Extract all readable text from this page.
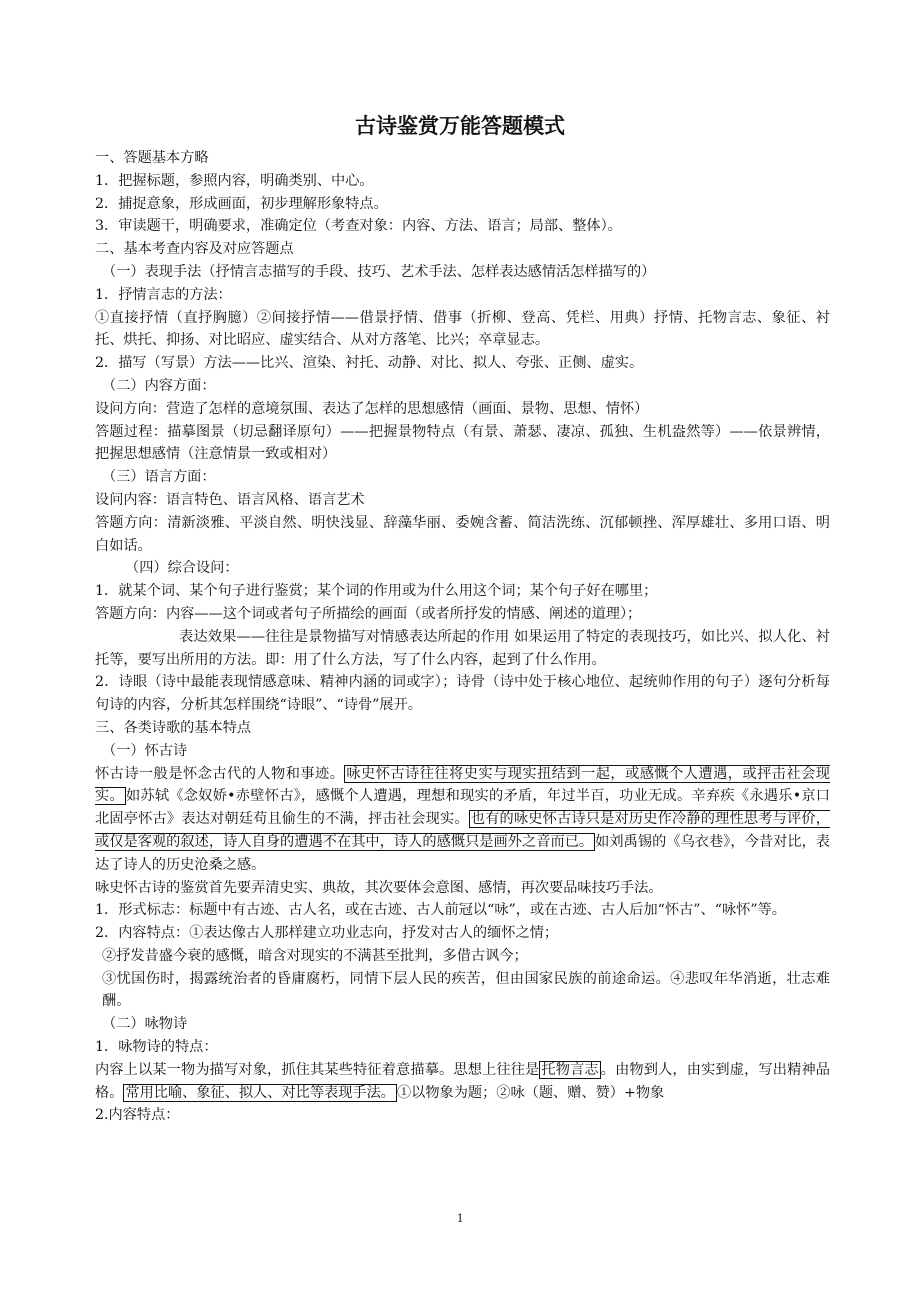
古诗鉴赏万能答题模式

一、答题基本方略

1．把握标题，参照内容，明确类别、中心。

2．捕捉意象，形成画面，初步理解形象特点。

3．审读题干，明确要求，准确定位（考查对象：内容、方法、语言；局部、整体）。

二、基本考查内容及对应答题点

（一）表现手法（抒情言志描写的手段、技巧、艺术手法、怎样表达感情活怎样描写的）

1．抒情言志的方法：

①直接抒情（直抒胸臆）②间接抒情——借景抒情、借事（折柳、登高、凭栏、用典）抒情、托物言志、象征、衬托、烘托、抑扬、对比昭应、虚实结合、从对方落笔、比兴；卒章显志。

2．描写（写景）方法——比兴、渲染、衬托、动静、对比、拟人、夸张、正侧、虚实。

（二）内容方面：

设问方向：营造了怎样的意境氛围、表达了怎样的思想感情（画面、景物、思想、情怀）

答题过程：描摹图景（切忌翻译原句）——把握景物特点（有景、萧瑟、凄凉、孤独、生机盎然等）——依景辨情，把握思想感情（注意情景一致或相对）

（三）语言方面：

设问内容：语言特色、语言风格、语言艺术

答题方向：清新淡雅、平淡自然、明快浅显、辞藻华丽、委婉含蓄、简洁洗练、沉郁顿挫、浑厚雄壮、多用口语、明白如话。

（四）综合设问：

1．就某个词、某个句子进行鉴赏；某个词的作用或为什么用这个词；某个句子好在哪里；

答题方向：内容——这个词或者句子所描绘的画面（或者所抒发的情感、阐述的道理）；

表达效果——往往是景物描写对情感表达所起的作用 如果运用了特定的表现技巧，如比兴、拟人化、衬托等，要写出所用的方法。即：用了什么方法，写了什么内容，起到了什么作用。

2．诗眼（诗中最能表现情感意味、精神内涵的词或字）；诗骨（诗中处于核心地位、起统帅作用的句子）逐句分析每句诗的内容，分析其怎样围绕“诗眼”、“诗骨”展开。

三、各类诗歌的基本特点

（一）怀古诗

怀古诗一般是怀念古代的人物和事迹。 咏史怀古诗往往将史实与现实扭结到一起，或感慨个人遭遇，或抨击社会现实。 如苏轼《念奴娇•赤壁怀古》，感慨个人遭遇，理想和现实的矛盾，年过半百，功业无成。辛弃疾《永遇乐•京口北固亭怀古》表达对朝廷苟且偷生的不满，抨击社会现实。 也有的咏史怀古诗只是对历史作冷静的理性思考与评价，或仅是客观的叙述，诗人自身的遭遇不在其中，诗人的感慨只是画外之音而已。 如刘禹锡的《乌衣巷》，今昔对比，表达了诗人的历史沧桑之感。

咏史怀古诗的鉴赏首先要弄清史实、典故，其次要体会意图、感情，再次要品味技巧手法。

1．形式标志：标题中有古迹、古人名，或在古迹、古人前冠以“咏”，或在古迹、古人后加“怀古”、“咏怀”等。

2．内容特点：①表达像古人那样建立功业志向，抒发对古人的缅怀之情；

②抒发昔盛今衰的感慨，暗含对现实的不满甚至批判，多借古讽今；

③忧国伤时，揭露统治者的昏庸腐朽，同情下层人民的疾苦，但由国家民族的前途命运。④悲叹年华消逝，壮志难酬。

（二）咏物诗

1．咏物诗的特点：

内容上以某一物为描写对象，抓住其某些特征着意描摹。思想上往往是 托物言志 。由物到人，由实到虚，写出精神品格。 常用比喻、象征、拟人、对比等表现手法。 ①以物象为题；②咏（题、赠、赞）+物象

2.内容特点：

1
